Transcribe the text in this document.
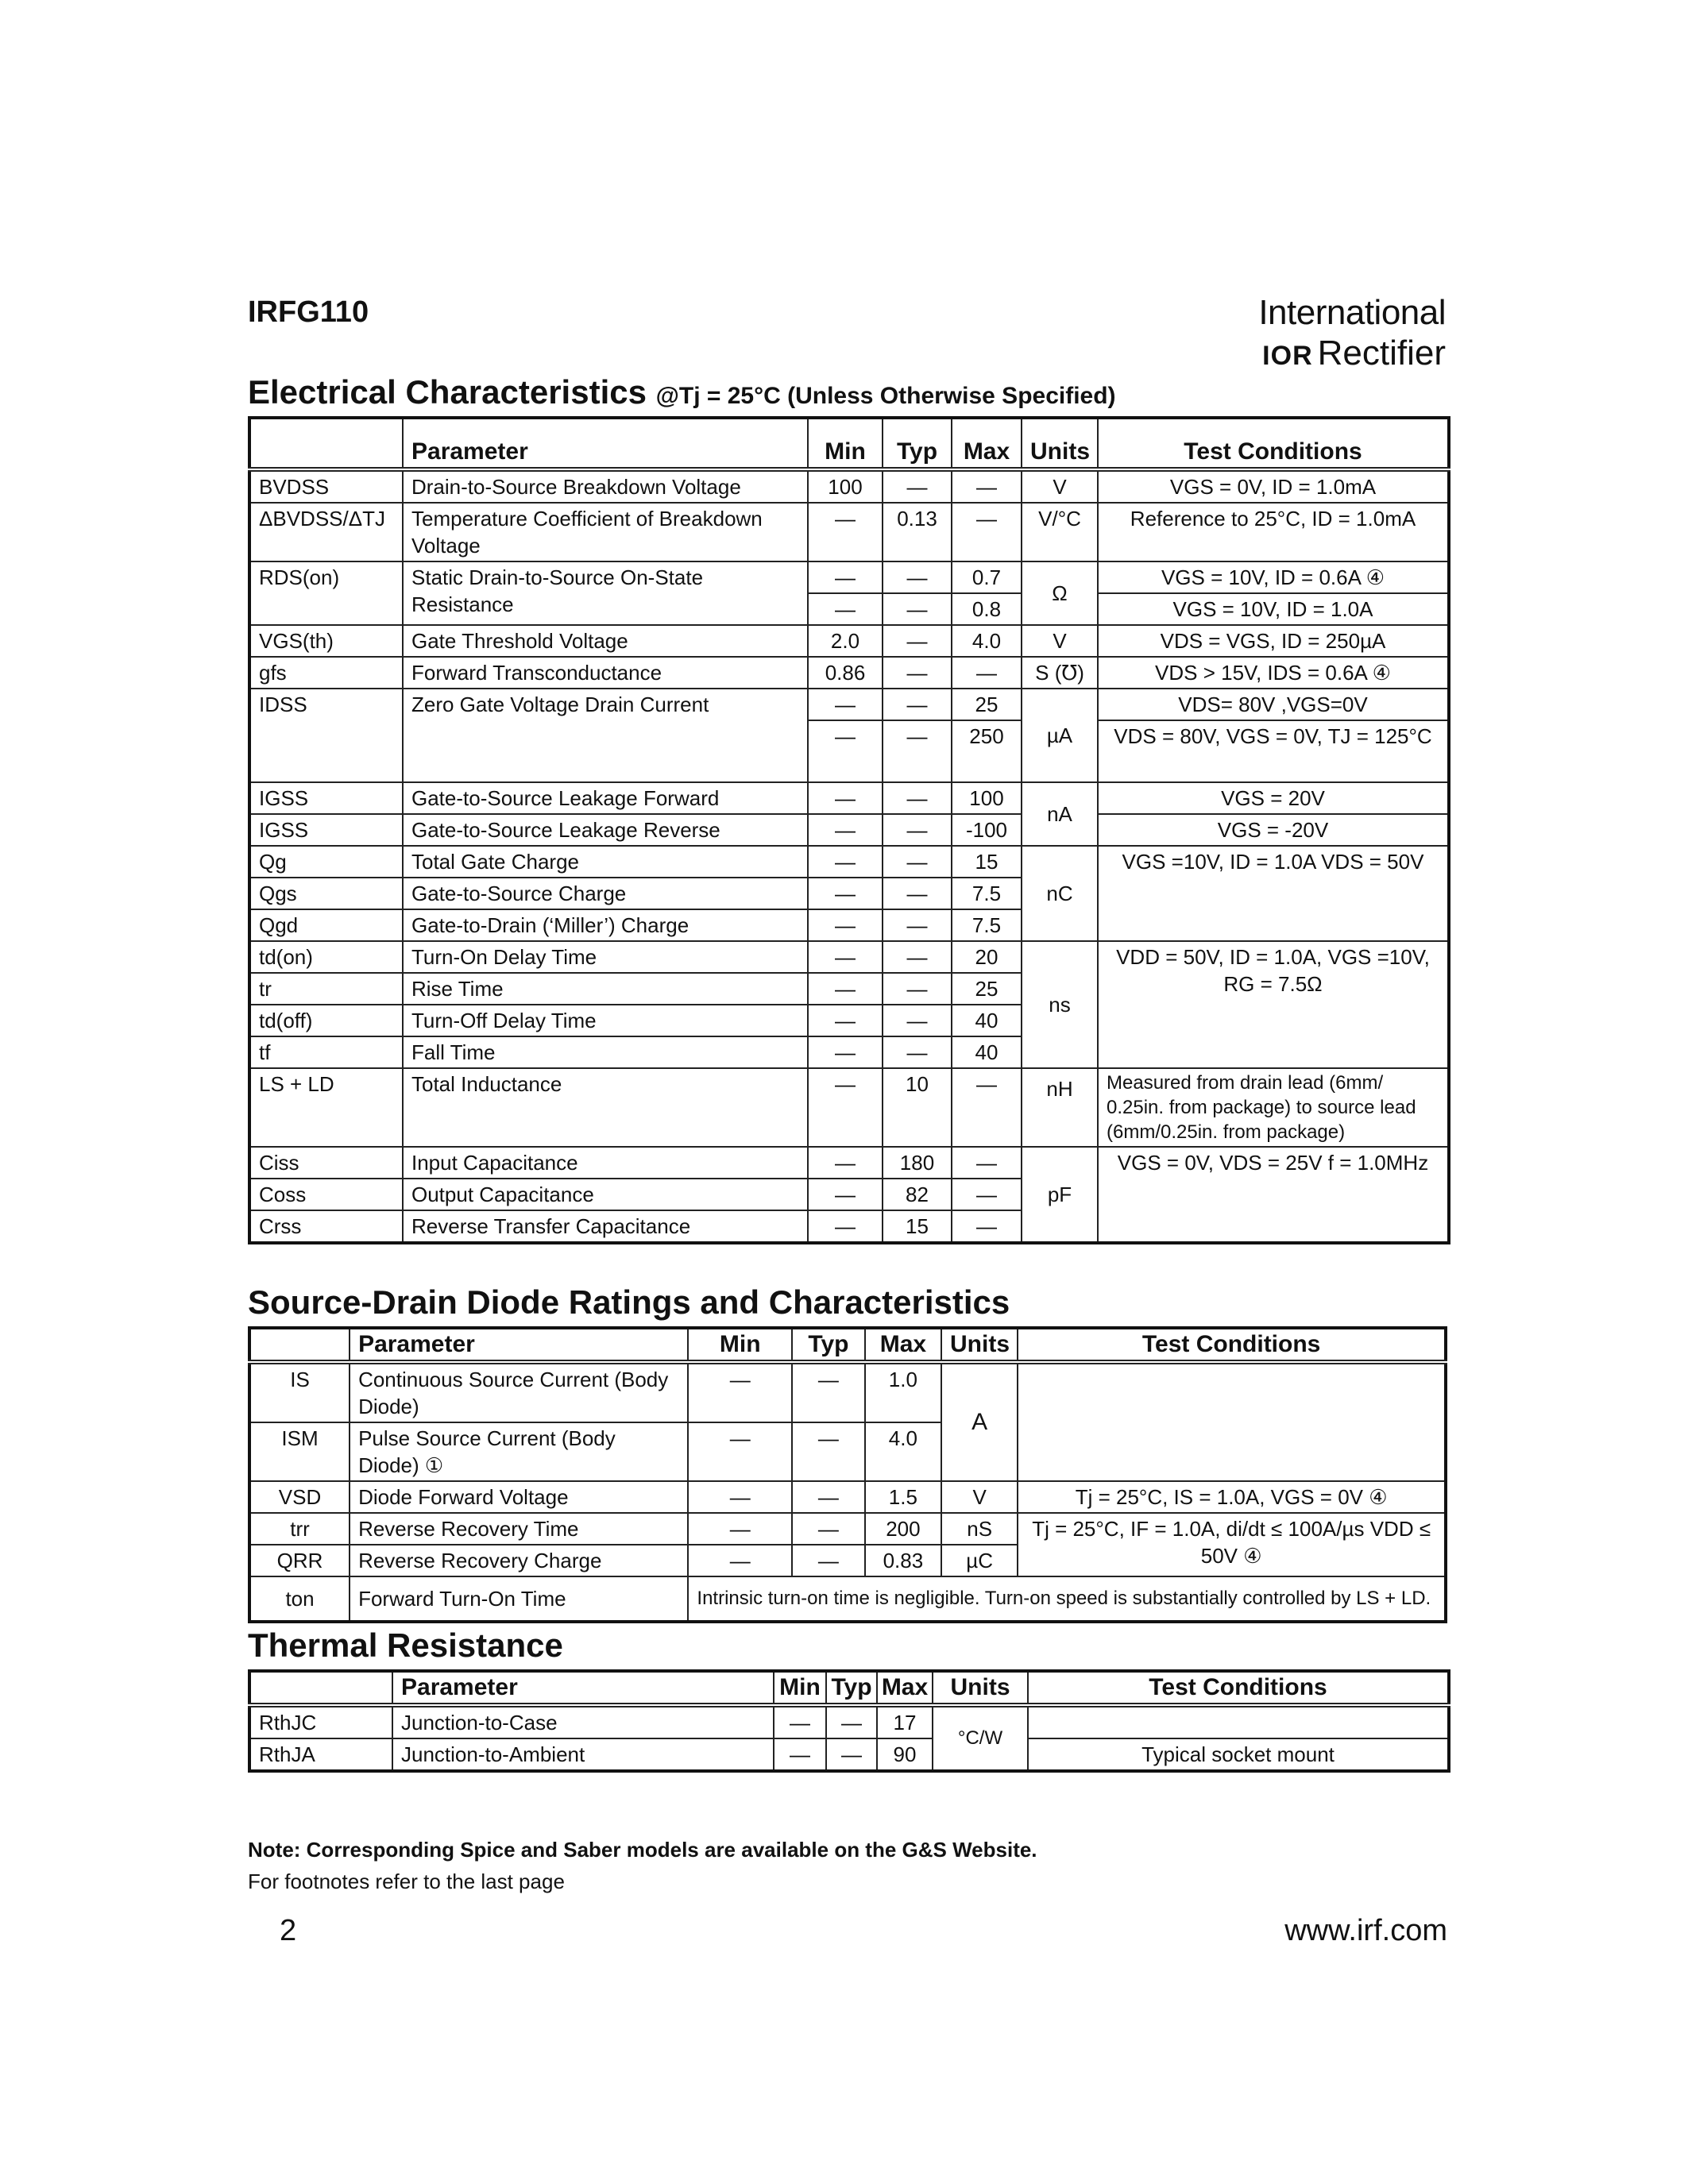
IRFG110	International
IOR Rectifier
Electrical Characteristics @Tj = 25°C (Unless Otherwise Specified)
	Parameter	Min	Typ	Max	Units	Test Conditions
BVDSS	Drain-to-Source Breakdown Voltage	100	—	—	V	VGS = 0V, ID = 1.0mA
ΔBVDSS/ΔTJ	Temperature Coefficient of Breakdown Voltage	—	0.13	—	V/°C	Reference to 25°C, ID = 1.0mA
RDS(on)	Static Drain-to-Source On-State Resistance	—	—	0.7	Ω	VGS = 10V, ID = 0.6A ④
		—	—	0.8		VGS = 10V, ID = 1.0A
VGS(th)	Gate Threshold Voltage	2.0	—	4.0	V	VDS = VGS, ID = 250µA
gfs	Forward Transconductance	0.86	—	—	S (℧)	VDS > 15V, IDS = 0.6A ④
IDSS	Zero Gate Voltage Drain Current	—	—	25	µA	VDS= 80V ,VGS=0V
		—	—	250		VDS = 80V, VGS = 0V, TJ = 125°C
IGSS	Gate-to-Source Leakage Forward	—	—	100	nA	VGS = 20V
IGSS	Gate-to-Source Leakage Reverse	—	—	-100		VGS = -20V
Qg	Total Gate Charge	—	—	15	nC	VGS =10V, ID = 1.0A VDS = 50V
Qgs	Gate-to-Source Charge	—	—	7.5		
Qgd	Gate-to-Drain (‘Miller’) Charge	—	—	7.5		
td(on)	Turn-On Delay Time	—	—	20	ns	VDD = 50V, ID = 1.0A, VGS =10V, RG = 7.5Ω
tr	Rise Time	—	—	25		
td(off)	Turn-Off Delay Time	—	—	40		
tf	Fall Time	—	—	40		
LS + LD	Total Inductance	—	10	—	nH	Measured from drain lead (6mm/ 0.25in. from package) to source lead (6mm/0.25in. from package)
Ciss	Input Capacitance	—	180	—	pF	VGS = 0V, VDS = 25V f = 1.0MHz
Coss	Output Capacitance	—	82	—		
Crss	Reverse Transfer Capacitance	—	15	—		
Source-Drain Diode Ratings and Characteristics
	Parameter	Min	Typ	Max	Units	Test Conditions
IS	Continuous Source Current (Body Diode)	—	—	1.0	A	
ISM	Pulse Source Current (Body Diode) ①	—	—	4.0		
VSD	Diode Forward Voltage	—	—	1.5	V	Tj = 25°C, IS = 1.0A, VGS = 0V ④
trr	Reverse Recovery Time	—	—	200	nS	Tj = 25°C, IF = 1.0A, di/dt ≤ 100A/µs VDD ≤ 50V ④
QRR	Reverse Recovery Charge	—	—	0.83	µC	
ton	Forward Turn-On Time	Intrinsic turn-on time is negligible. Turn-on speed is substantially controlled by LS + LD.				
Thermal Resistance
	Parameter	Min	Typ	Max	Units	Test Conditions
RthJC	Junction-to-Case	—	—	17	°C/W	
RthJA	Junction-to-Ambient	—	—	90		Typical socket mount
Note: Corresponding Spice and Saber models are available on the G&S Website.
For footnotes refer to the last page
2	www.irf.com
